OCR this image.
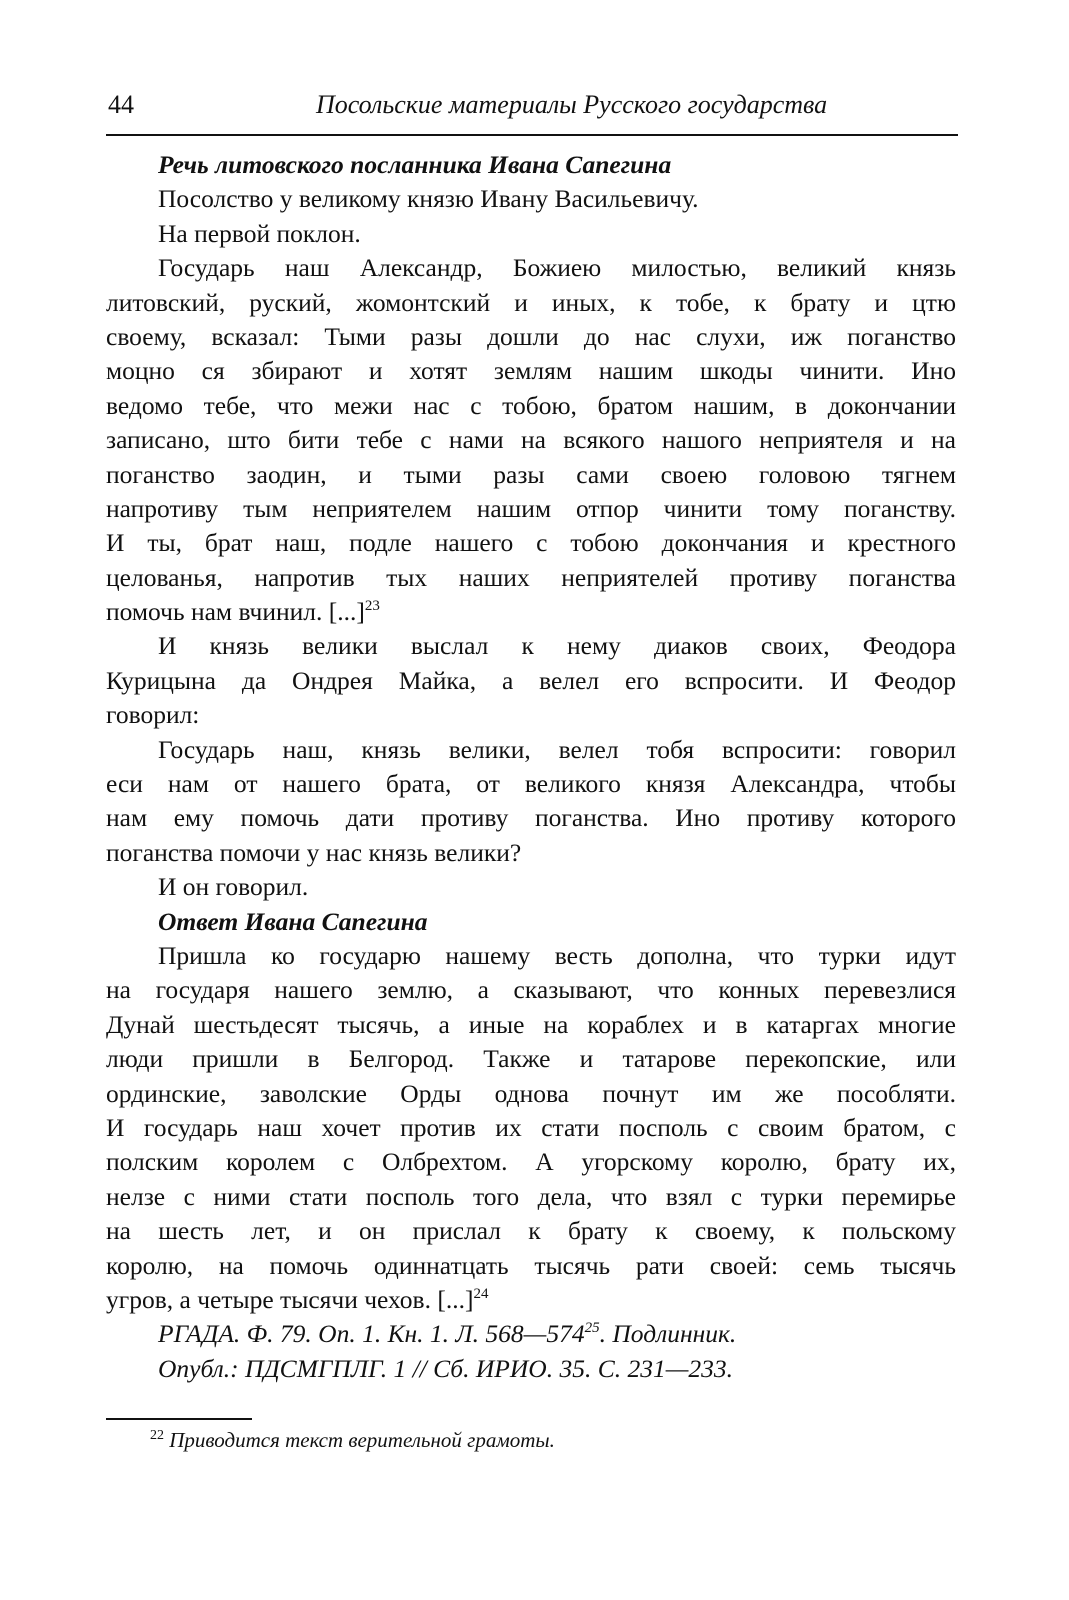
44	Посольские материалы Русского государства
Речь литовского посланника Ивана Сапегина
Посолство у великому князю Ивану Васильевичу.
На первой поклон.
Государь наш Александр, Божиею милостью, великий князь
литовский, руский, жомонтский и иных, к тобе, к брату и цтю
своему, всказал: Тыми разы дошли до нас слухи, иж поганство
моцно ся збирают и хотят землям нашим шкоды чинити. Ино
ведомо тебе, что межи нас с тобою, братом нашим, в докончании
записано, што бити тебе с нами на всякого нашого неприятеля и на
поганство заодин, и тыми разы сами своею головою тягнем
напротиву тым неприятелем нашим отпор чинити тому поганству.
И ты, брат наш, подле нашего с тобою докончания и крестного
целованья, напротив тых наших неприятелей противу поганства
помочь нам вчинил. [...]$^{23}$
И князь велики выслал к нему диаков своих, Феодора
Курицына да Ондрея Майка, а велел его вспросити. И Феодор
говорил:
Государь наш, князь велики, велел тобя вспросити: говорил
еси нам от нашего брата, от великого князя Александра, чтобы
нам ему помочь дати противу поганства. Ино противу которого
поганства помочи у нас князь велики?
И он говорил.
Ответ Ивана Сапегина
Пришла ко государю нашему весть дополна, что турки идут
на государя нашего землю, а сказывают, что конных перевезлися
Дунай шестьдесят тысячь, а иные на кораблех и в катаргах многие
люди пришли в Белгород. Также и татарове перекопские, или
ординские, заволские Орды однова почнут им же пособляти.
И государь наш хочет против их стати посполь с своим братом, с
полским королем с Олбрехтом. А угорскому королю, брату их,
нелзе с ними стати посполь того дела, что взял с турки перемирье
на шесть лет, и он прислал к брату к своему, к польскому
королю, на помочь одиннатцать тысячь рати своей: семь тысячь
угров, а четыре тысячи чехов. [...]$^{24}$
РГАДА. Ф. 79. Оп. 1. Кн. 1. Л. $568—574^{25}$. Подлинник.
Опубл.: ПДСМГПЛГ. 1 // Сб. ИРИО. 35. С. 231—233.
$^{22}$ Приводится текст верительной грамоты.
